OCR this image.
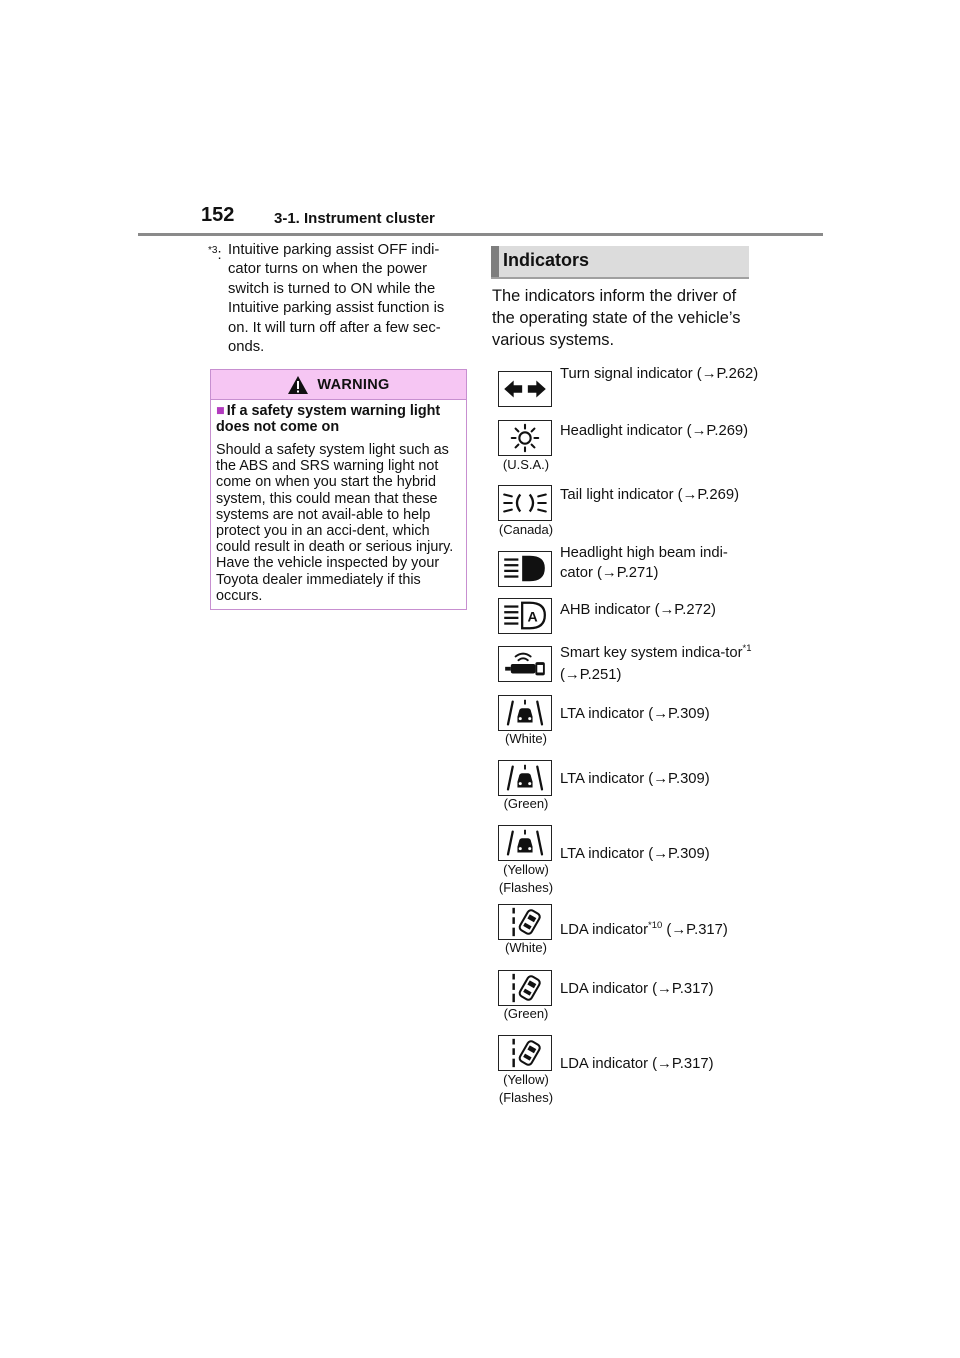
152	3-1. Instrument cluster
$^{*3}$: Intuitive parking assist OFF indi-cator turns on when the power switch is turned to ON while the Intuitive parking assist function is on. It will turn off after a few sec-onds.
WARNING
■ If a safety system warning light does not come on
Should a safety system light such as the ABS and SRS warning light not come on when you start the hybrid system, this could mean that these systems are not avail-able to help protect you in an acci-dent, which could result in death or serious injury. Have the vehicle inspected by your Toyota dealer immediately if this occurs.
Indicators
The indicators inform the driver of the operating state of the vehicle’s various systems.
Turn signal indicator (→P.262)
(U.S.A.)
Headlight indicator (→P.269)
(Canada)
Tail light indicator (→P.269)
Headlight high beam indi-cator (→P.271)
A AHB indicator (→P.272)
Smart key system indica-tor$^{*1}$ (→P.251)
(White)
LTA indicator (→P.309)
(Green)
LTA indicator (→P.309)
(Yellow)
(Flashes)
LTA indicator (→P.309)
(White)
LDA indicator$^{*10}$ (→P.317)
(Green)
LDA indicator (→P.317)
(Yellow)
(Flashes)
LDA indicator (→P.317)
